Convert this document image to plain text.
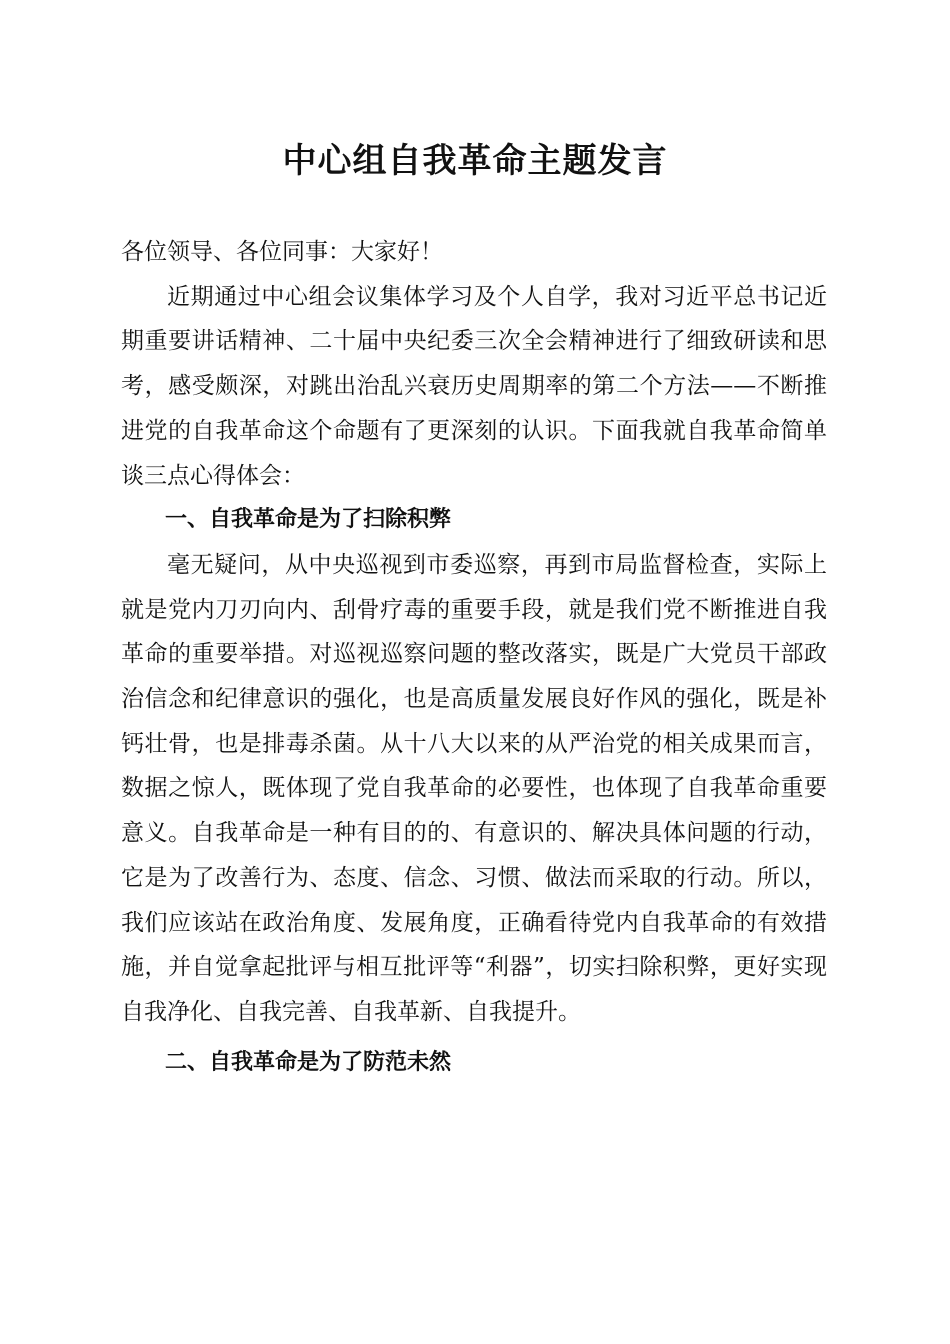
中心组自我革命主题发言

各位领导、各位同事：大家好！

近期通过中心组会议集体学习及个人自学，我对习近平总书记近期重要讲话精神、二十届中央纪委三次全会精神进行了细致研读和思考，感受颇深，对跳出治乱兴衰历史周期率的第二个方法——不断推进党的自我革命这个命题有了更深刻的认识。下面我就自我革命简单谈三点心得体会：

一、自我革命是为了扫除积弊

毫无疑问，从中央巡视到市委巡察，再到市局监督检查，实际上就是党内刀刃向内、刮骨疗毒的重要手段，就是我们党不断推进自我革命的重要举措。对巡视巡察问题的整改落实，既是广大党员干部政治信念和纪律意识的强化，也是高质量发展良好作风的强化，既是补钙壮骨，也是排毒杀菌。从十八大以来的从严治党的相关成果而言，数据之惊人，既体现了党自我革命的必要性，也体现了自我革命重要意义。自我革命是一种有目的的、有意识的、解决具体问题的行动，它是为了改善行为、态度、信念、习惯、做法而采取的行动。所以，我们应该站在政治角度、发展角度，正确看待党内自我革命的有效措施，并自觉拿起批评与相互批评等“利器”，切实扫除积弊，更好实现自我净化、自我完善、自我革新、自我提升。

二、自我革命是为了防范未然
